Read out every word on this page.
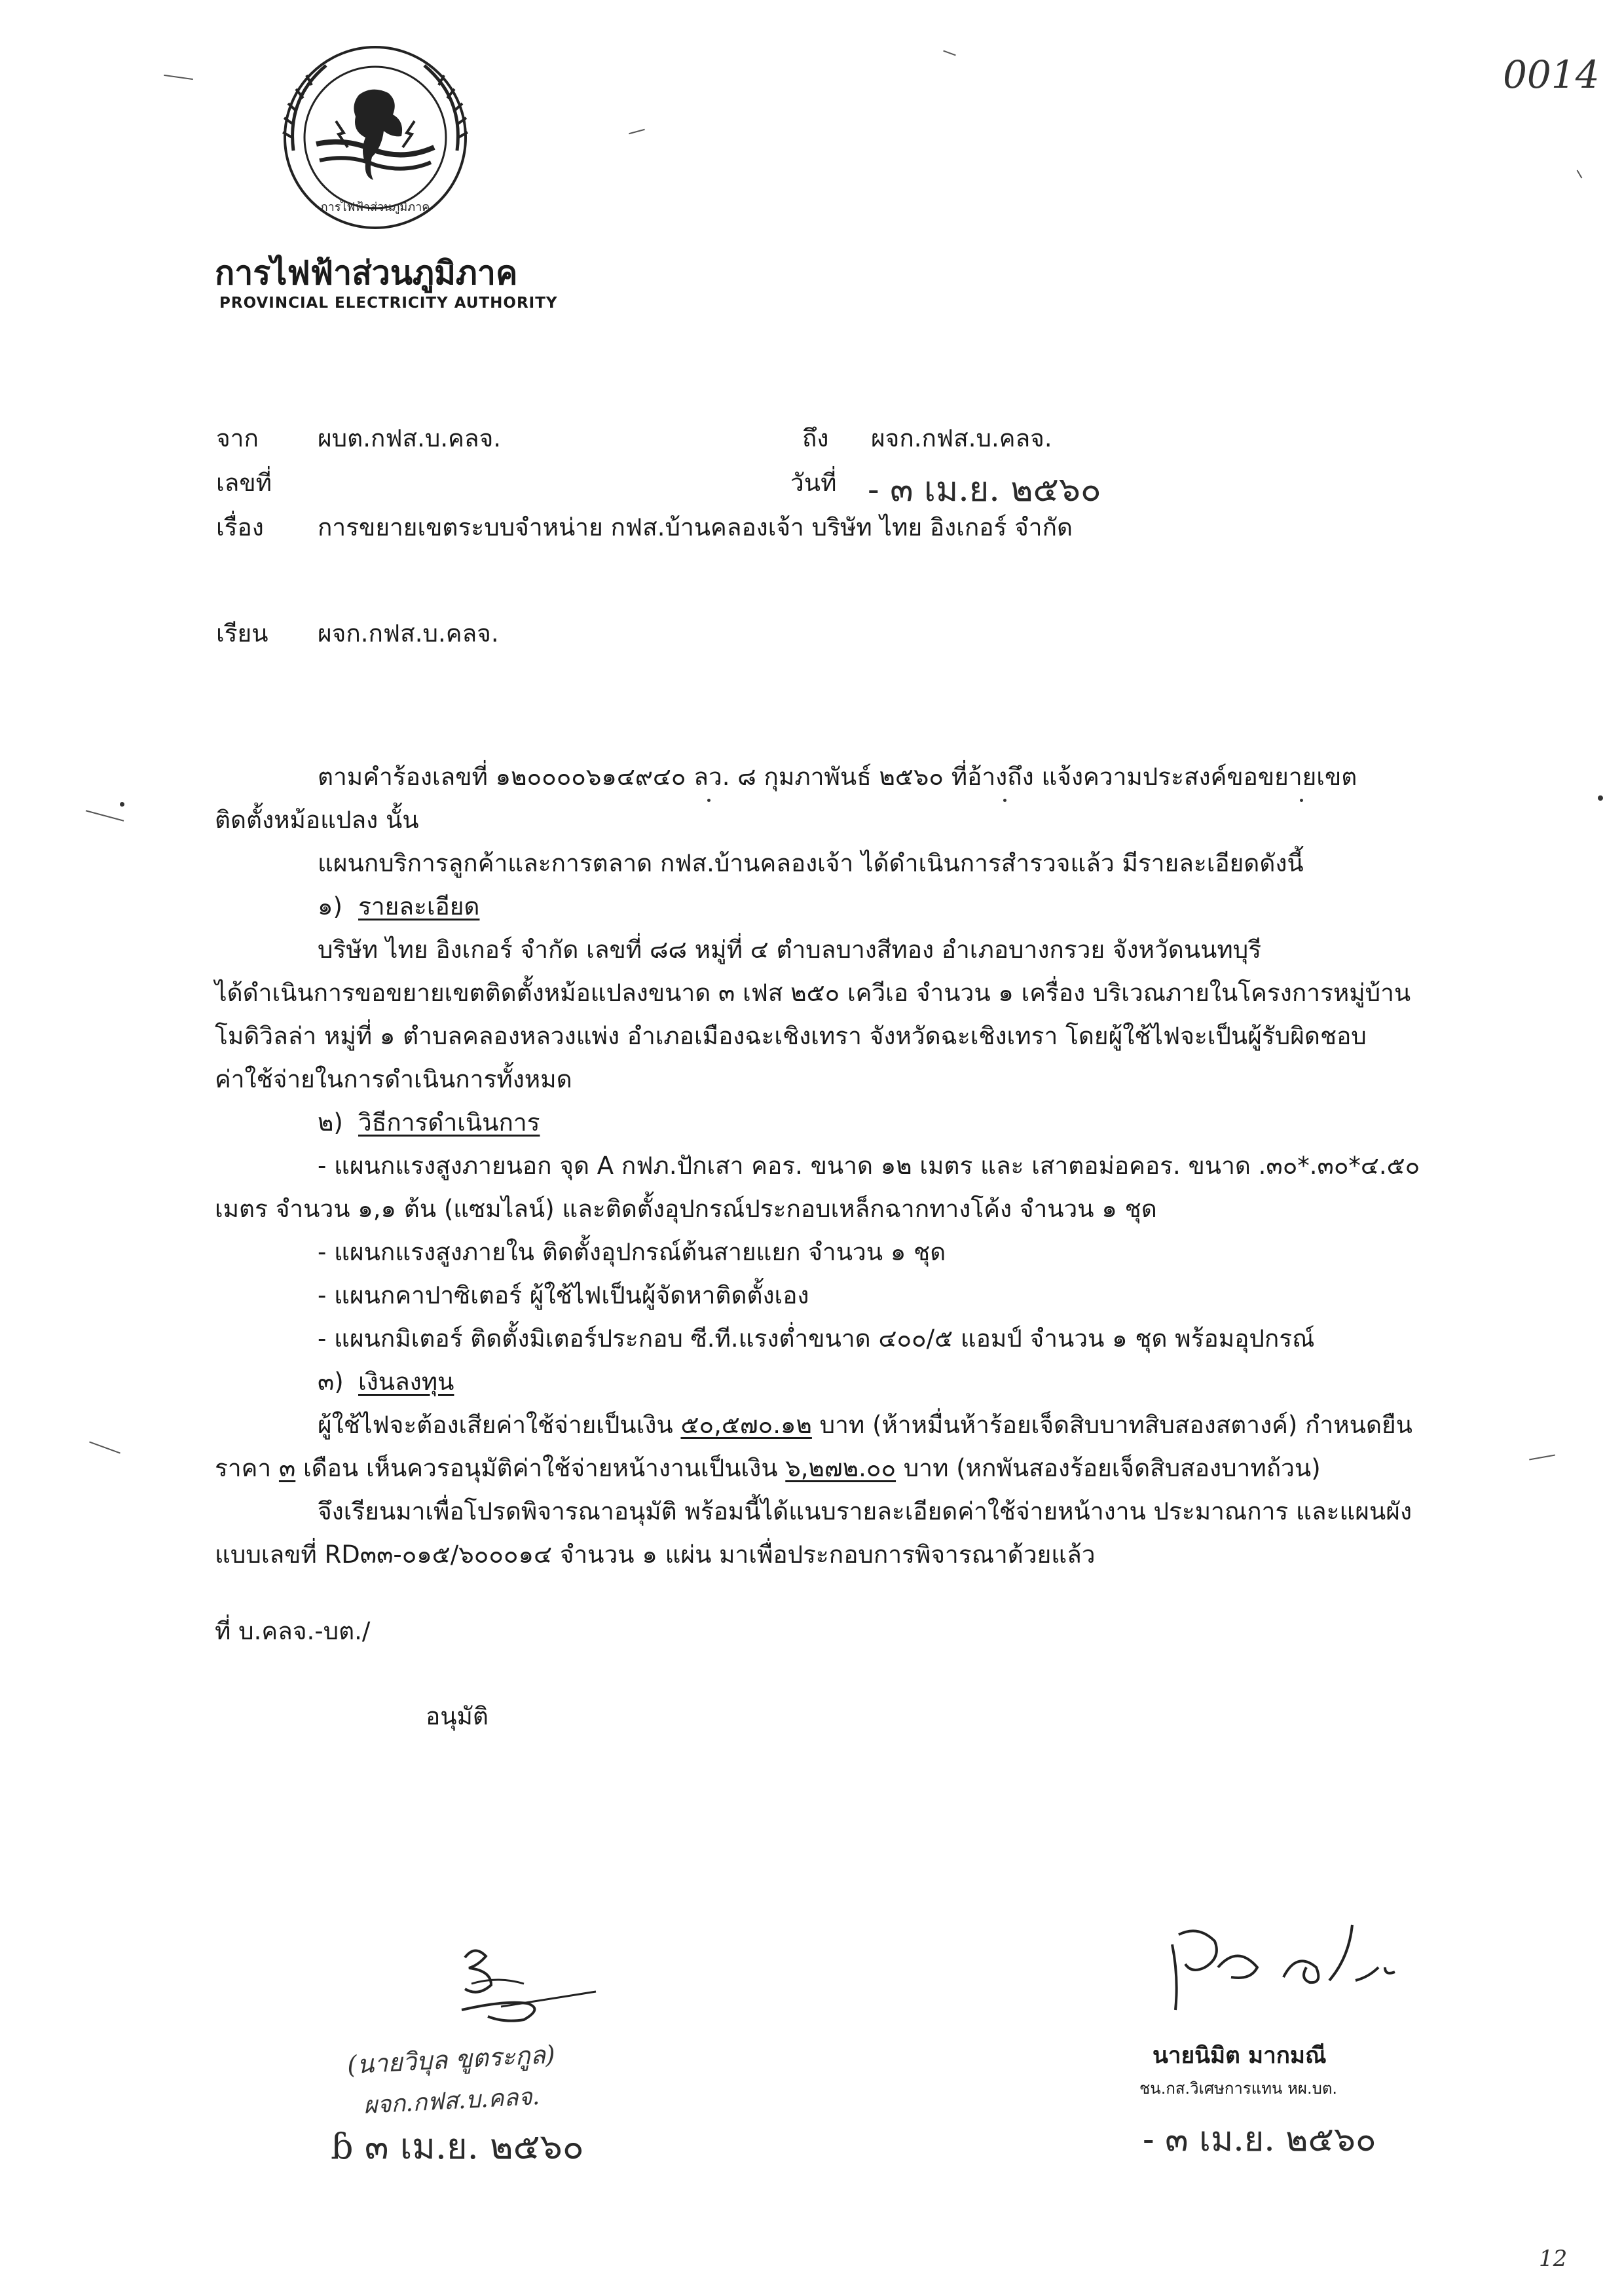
0014
การไฟฟ้าส่วนภูมิภาค
การไฟฟ้าส่วนภูมิภาค
PROVINCIAL ELECTRICITY AUTHORITY
จาก ผบต.กฟส.บ.คลจ.	ถึง ผจก.กฟส.บ.คลจ.
เลขที่	วันที่ - ๓ เม.ย. ๒๕๖๐
เรื่อง การขยายเขตระบบจำหน่าย กฟส.บ้านคลองเจ้า บริษัท ไทย อิงเกอร์ จำกัด
เรียน ผจก.กฟส.บ.คลจ.
ตามคำร้องเลขที่ ๑๒๐๐๐๐๖๑๔๙๔๐ ลว. ๘ กุมภาพันธ์ ๒๕๖๐ ที่อ้างถึง แจ้งความประสงค์ขอขยายเขต
ติดตั้งหม้อแปลง นั้น
แผนกบริการลูกค้าและการตลาด กฟส.บ้านคลองเจ้า ได้ดำเนินการสำรวจแล้ว มีรายละเอียดดังนี้
๑) รายละเอียด
บริษัท ไทย อิงเกอร์ จำกัด เลขที่ ๘๘ หมู่ที่ ๔ ตำบลบางสีทอง อำเภอบางกรวย จังหวัดนนทบุรี
ได้ดำเนินการขอขยายเขตติดตั้งหม้อแปลงขนาด ๓ เฟส ๒๕๐ เควีเอ จำนวน ๑ เครื่อง บริเวณภายในโครงการหมู่บ้าน
โมดิวิลล่า หมู่ที่ ๑ ตำบลคลองหลวงแพ่ง อำเภอเมืองฉะเชิงเทรา จังหวัดฉะเชิงเทรา โดยผู้ใช้ไฟจะเป็นผู้รับผิดชอบ
ค่าใช้จ่ายในการดำเนินการทั้งหมด
๒) วิธีการดำเนินการ
- แผนกแรงสูงภายนอก จุด A กฟภ.ปักเสา คอร. ขนาด ๑๒ เมตร และ เสาตอม่อคอร. ขนาด .๓๐*.๓๐*๔.๕๐
เมตร จำนวน ๑,๑ ต้น (แซมไลน์) และติดตั้งอุปกรณ์ประกอบเหล็กฉากทางโค้ง จำนวน ๑ ชุด
- แผนกแรงสูงภายใน ติดตั้งอุปกรณ์ต้นสายแยก จำนวน ๑ ชุด
- แผนกคาปาซิเตอร์ ผู้ใช้ไฟเป็นผู้จัดหาติดตั้งเอง
- แผนกมิเตอร์ ติดตั้งมิเตอร์ประกอบ ซี.ที.แรงต่ำขนาด ๔๐๐/๕ แอมป์ จำนวน ๑ ชุด พร้อมอุปกรณ์
๓) เงินลงทุน
ผู้ใช้ไฟจะต้องเสียค่าใช้จ่ายเป็นเงิน ๕๐,๕๗๐.๑๒ บาท (ห้าหมื่นห้าร้อยเจ็ดสิบบาทสิบสองสตางค์) กำหนดยืน
ราคา ๓ เดือน เห็นควรอนุมัติค่าใช้จ่ายหน้างานเป็นเงิน ๖,๒๗๒.๐๐ บาท (หกพันสองร้อยเจ็ดสิบสองบาทถ้วน)
จึงเรียนมาเพื่อโปรดพิจารณาอนุมัติ พร้อมนี้ได้แนบรายละเอียดค่าใช้จ่ายหน้างาน ประมาณการ และแผนผัง
แบบเลขที่ RD๓๓-๐๑๕/๖๐๐๐๑๔ จำนวน ๑ แผ่น มาเพื่อประกอบการพิจารณาด้วยแล้ว
ที่ บ.คลจ.-บต./
อนุมัติ
(นายวิบุล ขูตระกูล)
ผจก.กฟส.บ.คลจ.
ɓ ๓ เม.ย. ๒๕๖๐
นายนิมิต มากมณี
ชน.กส.วิเศษการแทน หผ.บต.
- ๓ เม.ย. ๒๕๖๐
12
